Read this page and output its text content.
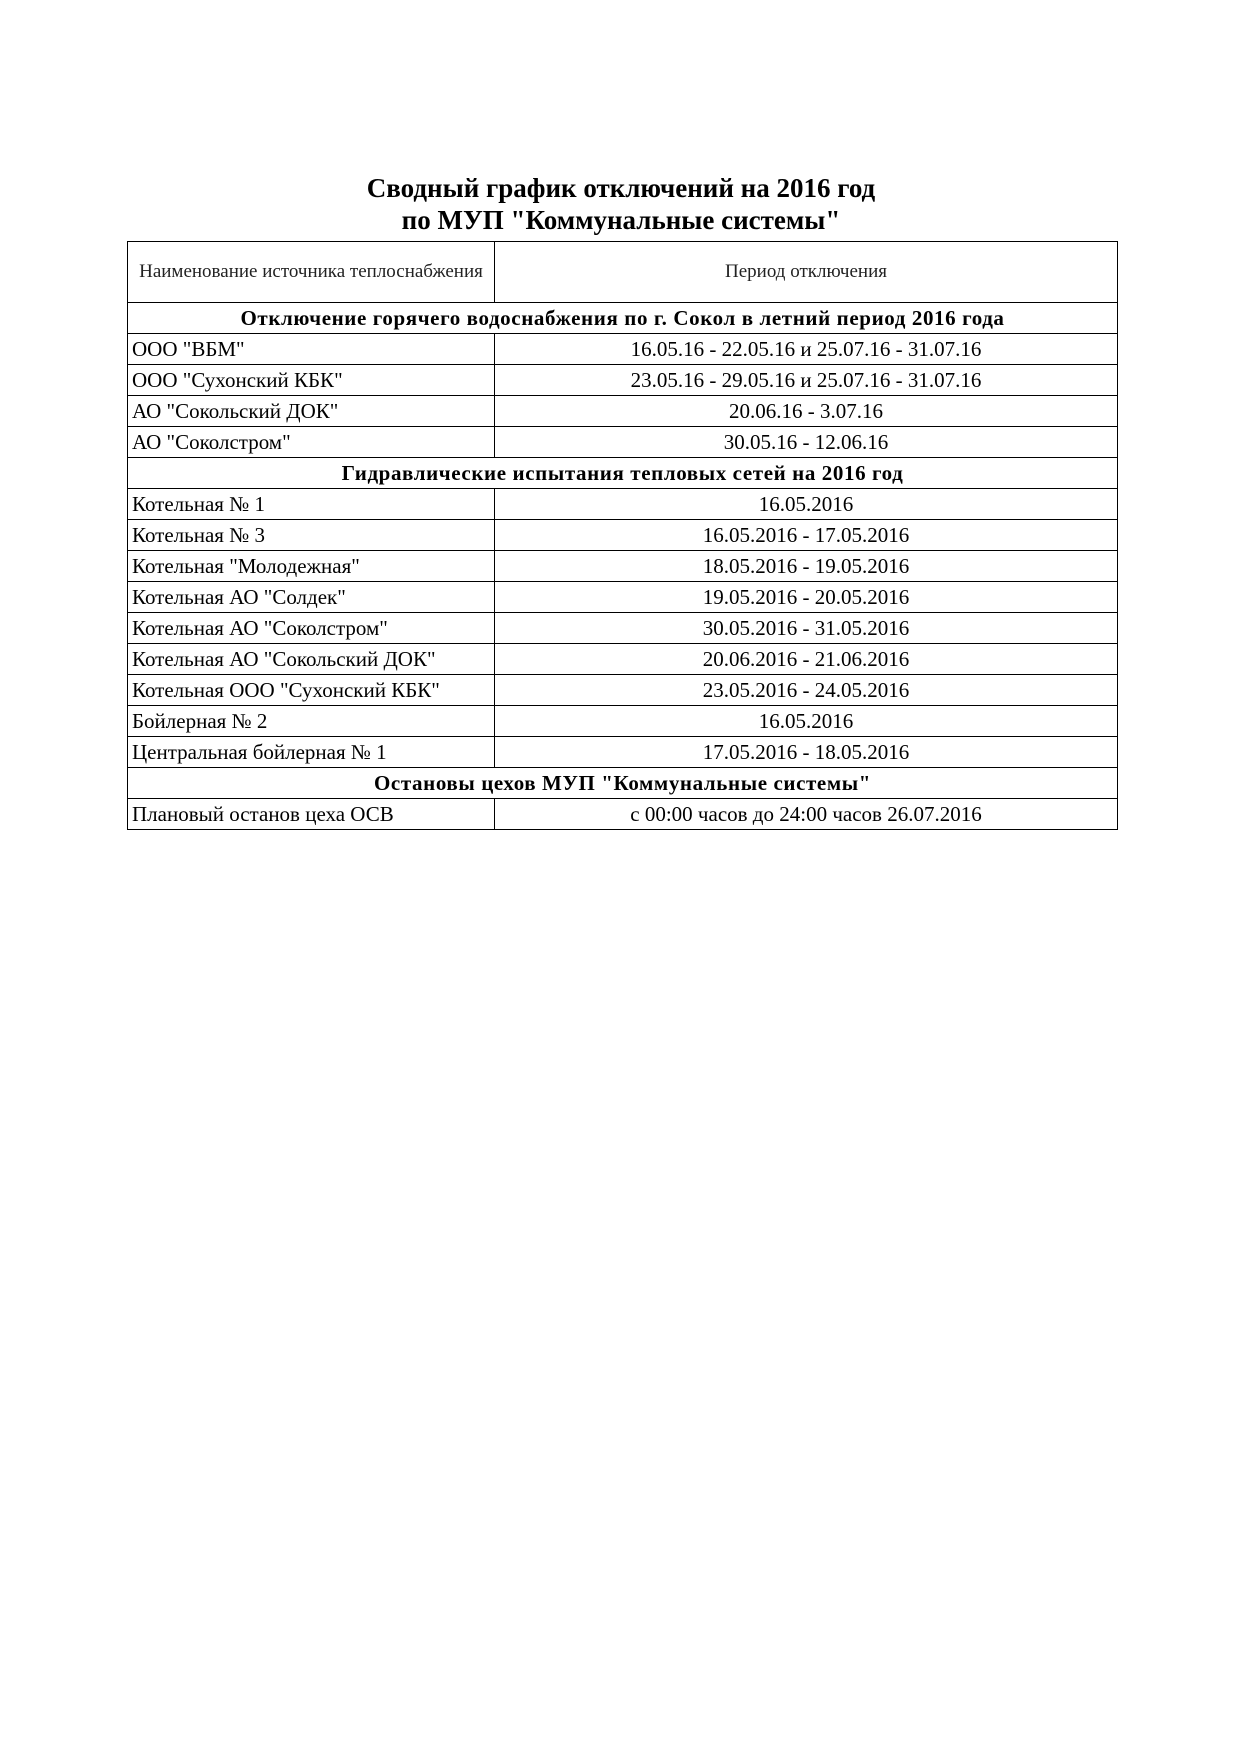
Сводный график отключений на 2016 год
по МУП "Коммунальные системы"
Наименование источника теплоснабжения	Период отключения
Отключение горячего водоснабжения по г. Сокол в летний период 2016 года	
ООО "ВБМ"	16.05.16 - 22.05.16 и 25.07.16 - 31.07.16
ООО "Сухонский КБК"	23.05.16 - 29.05.16 и 25.07.16 - 31.07.16
АО "Сокольский ДОК"	20.06.16 - 3.07.16
АО "Соколстром"	30.05.16 - 12.06.16
Гидравлические испытания тепловых сетей на 2016 год	
Котельная № 1	16.05.2016
Котельная № 3	16.05.2016 - 17.05.2016
Котельная "Молодежная"	18.05.2016 - 19.05.2016
Котельная АО "Солдек"	19.05.2016 - 20.05.2016
Котельная АО "Соколстром"	30.05.2016 - 31.05.2016
Котельная АО "Сокольский ДОК"	20.06.2016 - 21.06.2016
Котельная ООО "Сухонский КБК"	23.05.2016 - 24.05.2016
Бойлерная № 2	16.05.2016
Центральная бойлерная № 1	17.05.2016 - 18.05.2016
Остановы цехов МУП "Коммунальные системы"	
Плановый останов цеха ОСВ	с 00:00 часов до 24:00 часов 26.07.2016
